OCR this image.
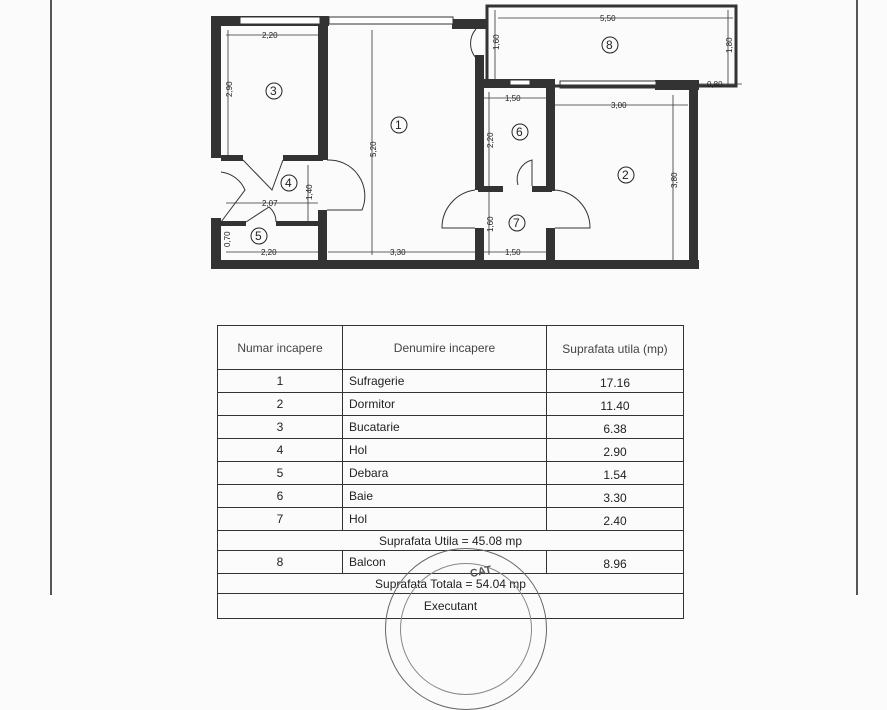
2,20
2,90
5,20
3,30
1,40
2,07
0,70
2,20
1,60
5,50
1,80
0,80
1,50
3,00
2,20
3,80
1,60
1,50
1
2
3
4
5
6
7
8
Numar incapere	Denumire incapere	Suprafata utila (mp)
1	Sufragerie	17.16
2	Dormitor	11.40
3	Bucatarie	6.38
4	Hol	2.90
5	Debara	1.54
6	Baie	3.30
7	Hol	2.40
Suprafata Utila = 45.08 mp		
8	Balcon	8.96
Suprafata Totala = 54.04 mp		
Executant		
CAT
